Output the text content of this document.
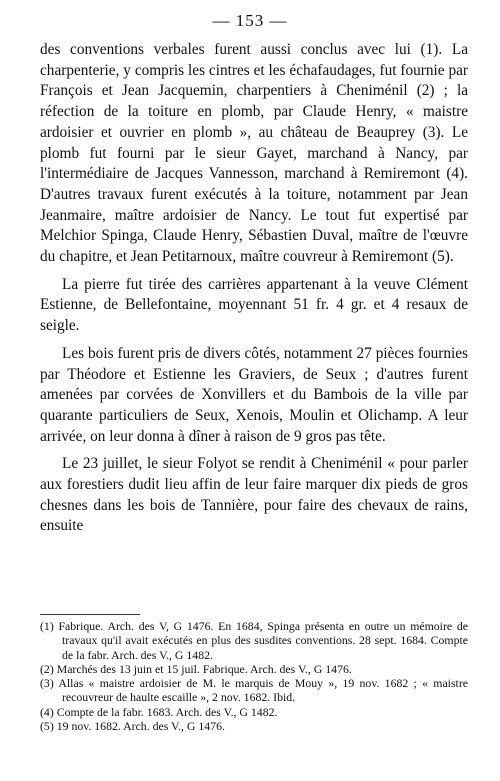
— 153 —

des conventions verbales furent aussi conclus avec lui (1). La charpenterie, y compris les cintres et les échafaudages, fut fournie par François et Jean Jacquemin, charpentiers à Cheniménil (2) ; la réfection de la toiture en plomb, par Claude Henry, « maistre ardoisier et ouvrier en plomb », au château de Beauprey (3). Le plomb fut fourni par le sieur Gayet, marchand à Nancy, par l'intermédiaire de Jacques Vannesson, marchand à Remiremont (4). D'autres travaux furent exécutés à la toiture, notamment par Jean Jeanmaire, maître ardoisier de Nancy. Le tout fut expertisé par Melchior Spinga, Claude Henry, Sébastien Duval, maître de l'œuvre du chapitre, et Jean Petitarnoux, maître couvreur à Remiremont (5).

La pierre fut tirée des carrières appartenant à la veuve Clément Estienne, de Bellefontaine, moyennant 51 fr. 4 gr. et 4 resaux de seigle.

Les bois furent pris de divers côtés, notamment 27 pièces fournies par Théodore et Estienne les Graviers, de Seux ; d'autres furent amenées par corvées de Xonvillers et du Bambois de la ville par quarante particuliers de Seux, Xenois, Moulin et Olichamp. A leur arrivée, on leur donna à dîner à raison de 9 gros pas tête.

Le 23 juillet, le sieur Folyot se rendit à Cheniménil « pour parler aux forestiers dudit lieu affin de leur faire marquer dix pieds de gros chesnes dans les bois de Tannière, pour faire des chevaux de rains, ensuite

(1) Fabrique. Arch. des V, G 1476. En 1684, Spinga présenta en outre un mémoire de travaux qu'il avait exécutés en plus des susdites conventions. 28 sept. 1684. Compte de la fabr. Arch. des V., G 1482.

(2) Marchés des 13 juin et 15 juil. Fabrique. Arch. des V., G 1476.

(3) Allas « maistre ardoisier de M. le marquis de Mouy », 19 nov. 1682 ; « maistre recouvreur de haulte escaille », 2 nov. 1682. Ibid.

(4) Compte de la fabr. 1683. Arch. des V., G 1482.

(5) 19 nov. 1682. Arch. des V., G 1476.
